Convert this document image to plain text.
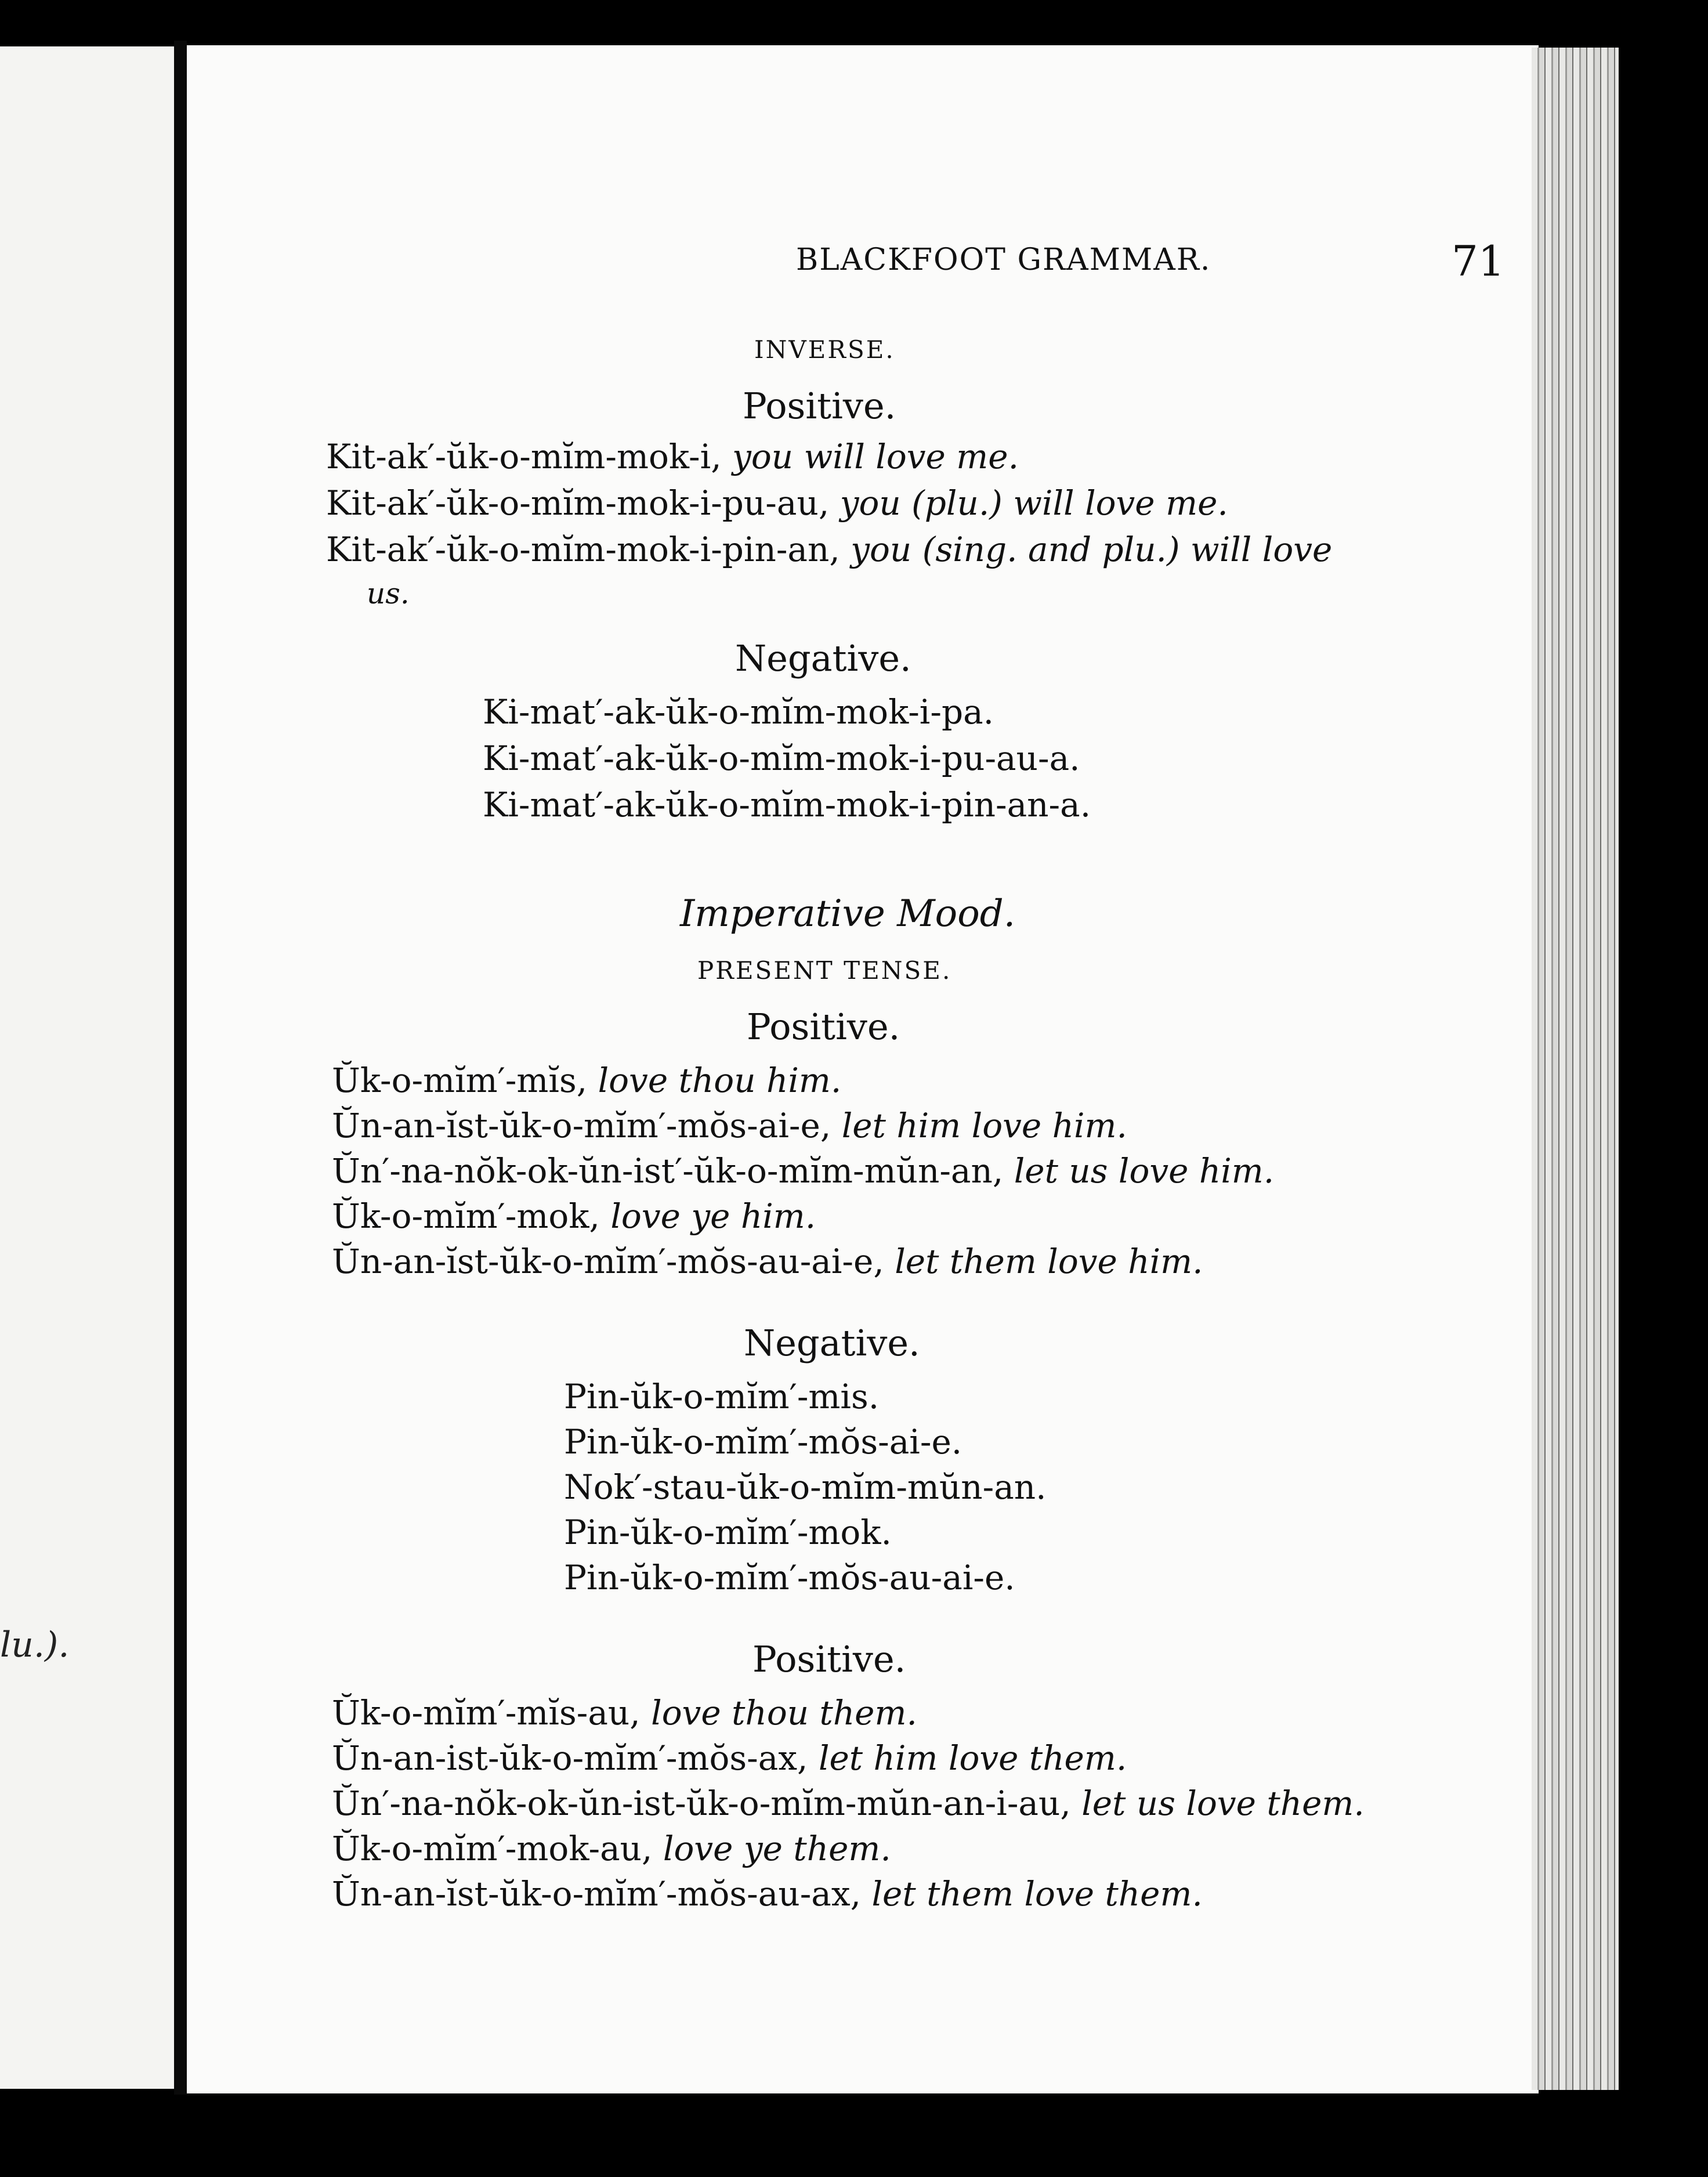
lu.).
BLACKFOOT GRAMMAR.	71
INVERSE.
Positive.
Kit-ak′-ŭk-o-mĭm-mok-i, you will love me.
Kit-ak′-ŭk-o-mĭm-mok-i-pu-au, you (plu.) will love me.
Kit-ak′-ŭk-o-mĭm-mok-i-pin-an, you (sing. and plu.) will love
us.
Negative.
Ki-mat′-ak-ŭk-o-mĭm-mok-i-pa.
Ki-mat′-ak-ŭk-o-mĭm-mok-i-pu-au-a.
Ki-mat′-ak-ŭk-o-mĭm-mok-i-pin-an-a.
Imperative Mood.
PRESENT TENSE.
Positive.
Ŭk-o-mĭm′-mĭs, love thou him.
Ŭn-an-ĭst-ŭk-o-mĭm′-mŏs-ai-e, let him love him.
Ŭn′-na-nŏk-ok-ŭn-ist′-ŭk-o-mĭm-mŭn-an, let us love him.
Ŭk-o-mĭm′-mok, love ye him.
Ŭn-an-ĭst-ŭk-o-mĭm′-mŏs-au-ai-e, let them love him.
Negative.
Pin-ŭk-o-mĭm′-mis.
Pin-ŭk-o-mĭm′-mŏs-ai-e.
Nok′-stau-ŭk-o-mĭm-mŭn-an.
Pin-ŭk-o-mĭm′-mok.
Pin-ŭk-o-mĭm′-mŏs-au-ai-e.
Positive.
Ŭk-o-mĭm′-mĭs-au, love thou them.
Ŭn-an-ist-ŭk-o-mĭm′-mŏs-ax, let him love them.
Ŭn′-na-nŏk-ok-ŭn-ist-ŭk-o-mĭm-mŭn-an-i-au, let us love them.
Ŭk-o-mĭm′-mok-au, love ye them.
Ŭn-an-ĭst-ŭk-o-mĭm′-mŏs-au-ax, let them love them.
